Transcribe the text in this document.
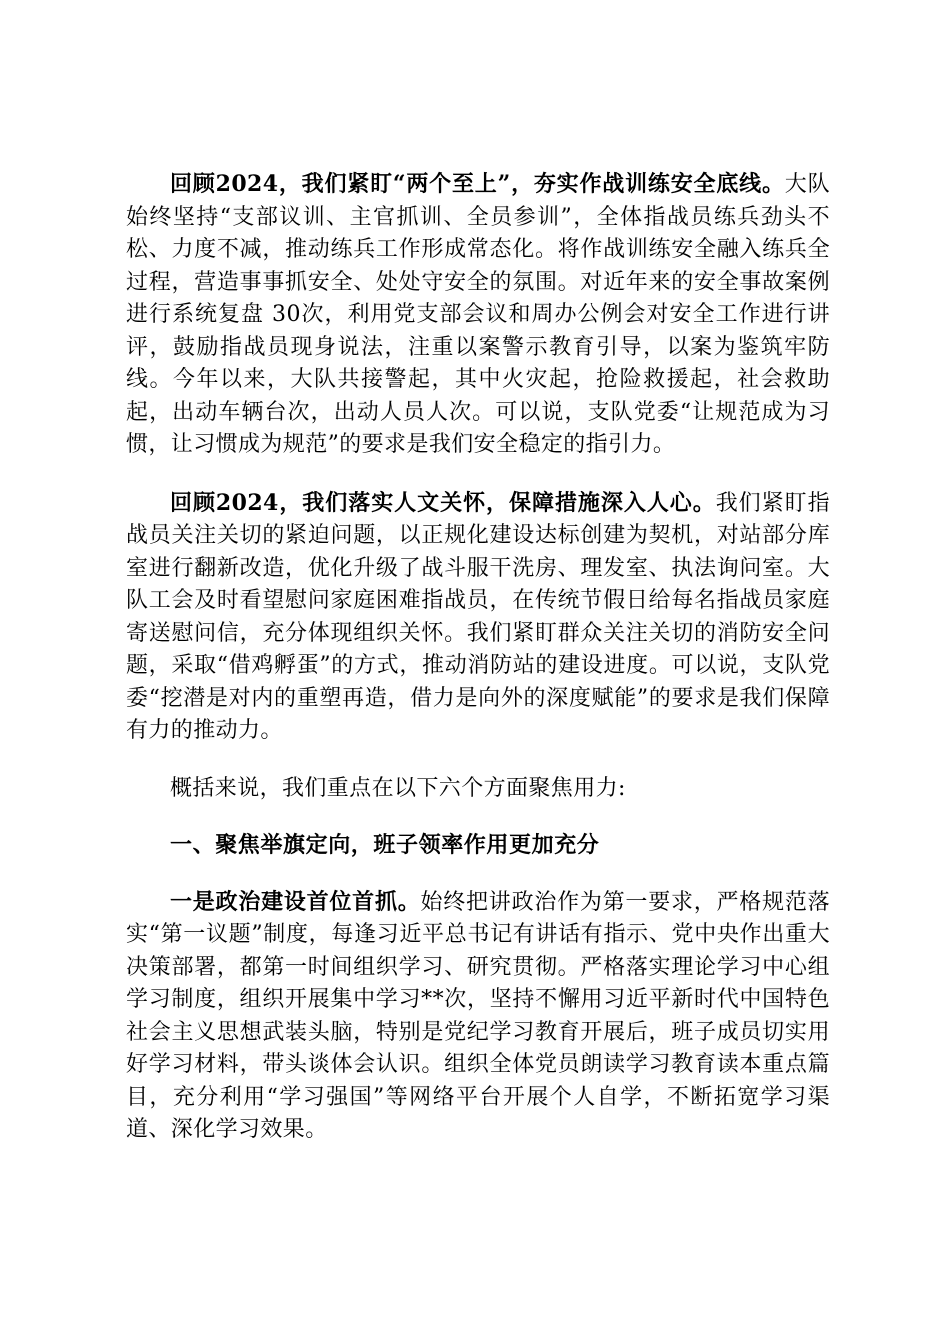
回顾2024，我们紧盯“两个至上”，夯实作战训练安全底线。大队始终坚持“支部议训、主官抓训、全员参训”，全体指战员练兵劲头不松、力度不减，推动练兵工作形成常态化。将作战训练安全融入练兵全过程，营造事事抓安全、处处守安全的氛围。对近年来的安全事故案例进行系统复盘 30次，利用党支部会议和周办公例会对安全工作进行讲评，鼓励指战员现身说法，注重以案警示教育引导，以案为鉴筑牢防线。今年以来，大队共接警起，其中火灾起，抢险救援起，社会救助起，出动车辆台次，出动人员人次。可以说，支队党委“让规范成为习惯，让习惯成为规范”的要求是我们安全稳定的指引力。

回顾2024，我们落实人文关怀，保障措施深入人心。我们紧盯指战员关注关切的紧迫问题，以正规化建设达标创建为契机，对站部分库室进行翻新改造，优化升级了战斗服干洗房、理发室、执法询问室。大队工会及时看望慰问家庭困难指战员，在传统节假日给每名指战员家庭寄送慰问信，充分体现组织关怀。我们紧盯群众关注关切的消防安全问题，采取“借鸡孵蛋”的方式，推动消防站的建设进度。可以说，支队党委“挖潜是对内的重塑再造，借力是向外的深度赋能”的要求是我们保障有力的推动力。

概括来说，我们重点在以下六个方面聚焦用力:

一、聚焦举旗定向，班子领率作用更加充分

一是政治建设首位首抓。始终把讲政治作为第一要求，严格规范落实“第一议题”制度，每逢习近平总书记有讲话有指示、党中央作出重大决策部署，都第一时间组织学习、研究贯彻。严格落实理论学习中心组学习制度，组织开展集中学习**次，坚持不懈用习近平新时代中国特色社会主义思想武装头脑，特别是党纪学习教育开展后，班子成员切实用好学习材料，带头谈体会认识。组织全体党员朗读学习教育读本重点篇目，充分利用“学习强国”等网络平台开展个人自学，不断拓宽学习渠道、深化学习效果。
